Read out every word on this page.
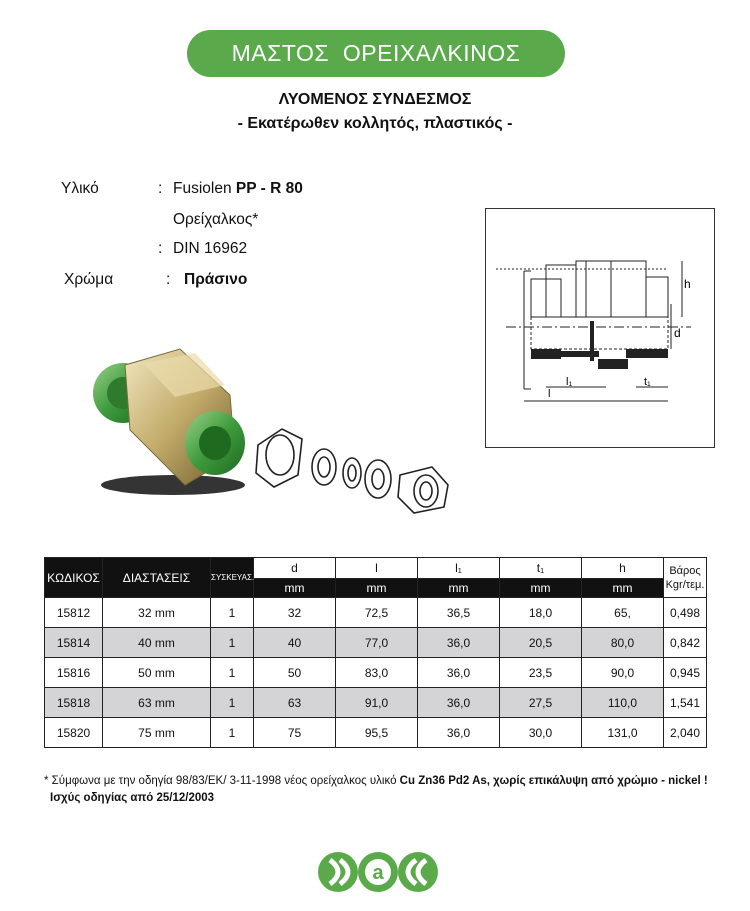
ΜΑΣΤΟΣ  ΟΡΕΙΧΑΛΚΙΝΟΣ
ΛΥΟΜΕΝΟΣ ΣΥΝΔΕΣΜΟΣ
- Εκατέρωθεν κολλητός, πλαστικός -
Υλικό	: Fusiolen PP - R 80
Ορείχαλκος*
: DIN 16962
Χρώμα	: Πράσινο	h
d
l
l₁	t₁
ΚΩΔΙΚΟΣ	ΔΙΑΣΤΑΣΕΙΣ	ΣΥΣΚΕΥΑΣ.	d	l	l₁	t₁	h	Βάρος
Kgr/τεμ.
			mm	mm	mm	mm	mm	
15812	32 mm	1	32	72,5	36,5	18,0	65,	0,498
15814	40 mm	1	40	77,0	36,0	20,5	80,0	0,842
15816	50 mm	1	50	83,0	36,0	23,5	90,0	0,945
15818	63 mm	1	63	91,0	36,0	27,5	110,0	1,541
15820	75 mm	1	75	95,5	36,0	30,0	131,0	2,040
* Σύμφωνα με την οδηγία 98/83/ΕΚ/ 3-11-1998 νέος ορείχαλκος υλικό Cu Zn36 Pd2 As, χωρίς επικάλυψη από χρώμιο - nickel !
Ισχύς οδηγίας από 25/12/2003
a
